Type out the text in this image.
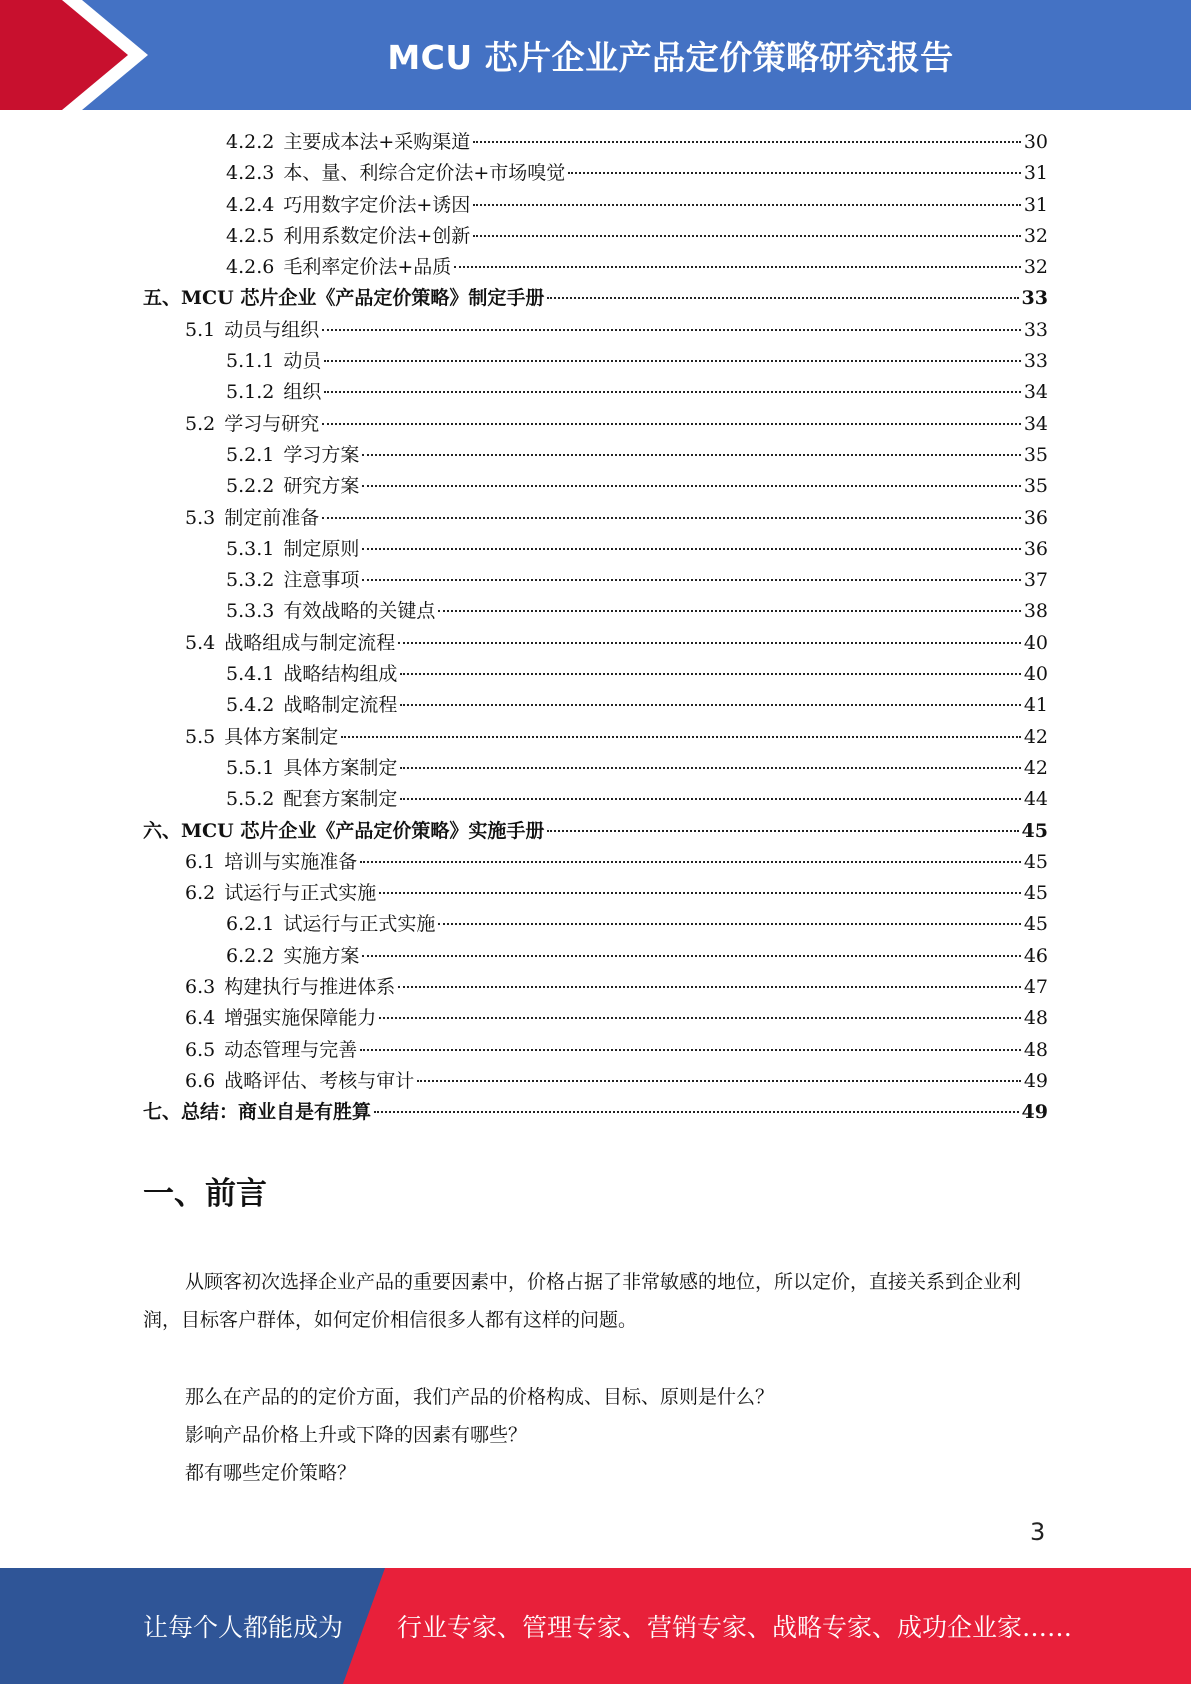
MCU 芯片企业产品定价策略研究报告
4.2.2 主要成本法+采购渠道	30
4.2.3 本、量、利综合定价法+市场嗅觉	31
4.2.4 巧用数字定价法+诱因	31
4.2.5 利用系数定价法+创新	32
4.2.6 毛利率定价法+品质	32
五、MCU 芯片企业《产品定价策略》制定手册	33
5.1 动员与组织	33
5.1.1 动员	33
5.1.2 组织	34
5.2 学习与研究	34
5.2.1 学习方案	35
5.2.2 研究方案	35
5.3 制定前准备	36
5.3.1 制定原则	36
5.3.2 注意事项	37
5.3.3 有效战略的关键点	38
5.4 战略组成与制定流程	40
5.4.1 战略结构组成	40
5.4.2 战略制定流程	41
5.5 具体方案制定	42
5.5.1 具体方案制定	42
5.5.2 配套方案制定	44
六、MCU 芯片企业《产品定价策略》实施手册	45
6.1 培训与实施准备	45
6.2 试运行与正式实施	45
6.2.1 试运行与正式实施	45
6.2.2 实施方案	46
6.3 构建执行与推进体系	47
6.4 增强实施保障能力	48
6.5 动态管理与完善	48
6.6 战略评估、考核与审计	49
七、总结：商业自是有胜算	49
一、前言
从顾客初次选择企业产品的重要因素中，价格占据了非常敏感的地位，所以定价，直接关系到企业利润，目标客户群体，如何定价相信很多人都有这样的问题。
那么在产品的的定价方面，我们产品的价格构成、目标、原则是什么？
影响产品价格上升或下降的因素有哪些？
都有哪些定价策略？
3
让每个人都能成为 行业专家、管理专家、营销专家、战略专家、成功企业家……
